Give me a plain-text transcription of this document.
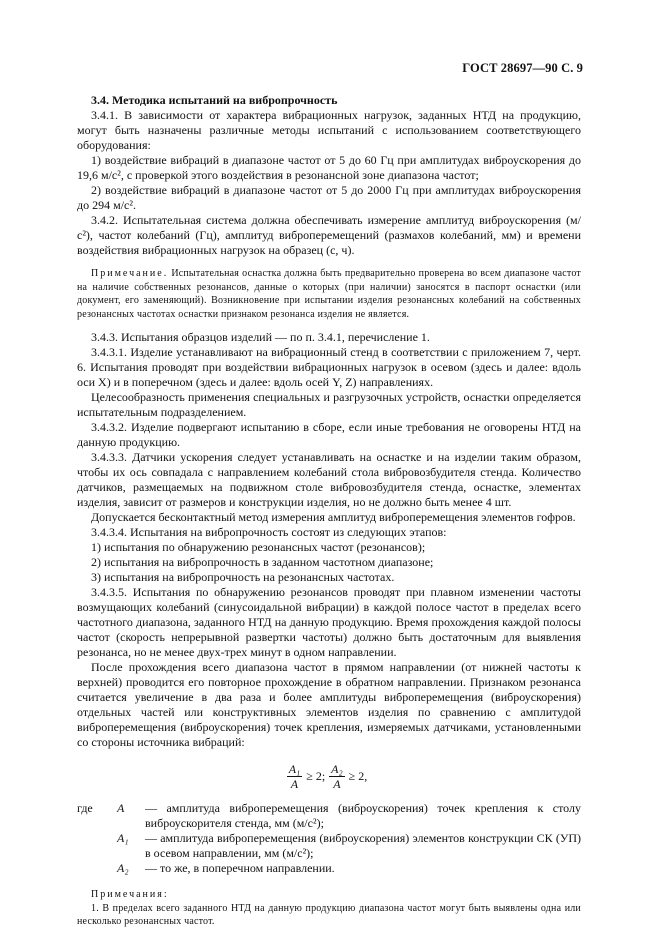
ГОСТ 28697—90 С. 9

3.4. Методика испытаний на вибропрочность

3.4.1. В зависимости от характера вибрационных нагрузок, заданных НТД на продукцию, могут быть назначены различные методы испытаний с использованием соответствующего оборудования:

1) воздействие вибраций в диапазоне частот от 5 до 60 Гц при амплитудах виброускорения до 19,6 м/с², с проверкой этого воздействия в резонансной зоне диапазона частот;

2) воздействие вибраций в диапазоне частот от 5 до 2000 Гц при амплитудах виброускорения до 294 м/с².

3.4.2. Испытательная система должна обеспечивать измерение амплитуд виброускорения (м/с²), частот колебаний (Гц), амплитуд виброперемещений (размахов колебаний, мм) и времени воздействия вибрационных нагрузок на образец (с, ч).

Примечание. Испытательная оснастка должна быть предварительно проверена во всем диапазоне частот на наличие собственных резонансов, данные о которых (при наличии) заносятся в паспорт оснастки (или документ, его заменяющий). Возникновение при испытании изделия резонансных колебаний на собственных резонансных частотах оснастки признаком резонанса изделия не является.

3.4.3. Испытания образцов изделий — по п. 3.4.1, перечисление 1.

3.4.3.1. Изделие устанавливают на вибрационный стенд в соответствии с приложением 7, черт. 6. Испытания проводят при воздействии вибрационных нагрузок в осевом (здесь и далее: вдоль оси X) и в поперечном (здесь и далее: вдоль осей Y, Z) направлениях.

Целесообразность применения специальных и разгрузочных устройств, оснастки определяется испытательным подразделением.

3.4.3.2. Изделие подвергают испытанию в сборе, если иные требования не оговорены НТД на данную продукцию.

3.4.3.3. Датчики ускорения следует устанавливать на оснастке и на изделии таким образом, чтобы их ось совпадала с направлением колебаний стола вибровозбудителя стенда. Количество датчиков, размещаемых на подвижном столе вибровозбудителя стенда, оснастке, элементах изделия, зависит от размеров и конструкции изделия, но не должно быть менее 4 шт.

Допускается бесконтактный метод измерения амплитуд виброперемещения элементов гофров.

3.4.3.4. Испытания на вибропрочность состоят из следующих этапов:

1) испытания по обнаружению резонансных частот (резонансов);

2) испытания на вибропрочность в заданном частотном диапазоне;

3) испытания на вибропрочность на резонансных частотах.

3.4.3.5. Испытания по обнаружению резонансов проводят при плавном изменении частоты возмущающих колебаний (синусоидальной вибрации) в каждой полосе частот в пределах всего частотного диапазона, заданного НТД на данную продукцию. Время прохождения каждой полосы частот (скорость непрерывной развертки частоты) должно быть достаточным для выявления резонанса, но не менее двух-трех минут в одном направлении.

После прохождения всего диапазона частот в прямом направлении (от нижней частоты к верхней) проводится его повторное прохождение в обратном направлении. Признаком резонанса считается увеличение в два раза и более амплитуды виброперемещения (виброускорения) отдельных частей или конструктивных элементов изделия по сравнению с амплитудой виброперемещения (виброускорения) точек крепления, измеряемых датчиками, установленными со стороны источника вибраций:

$\frac{\text{A₁}}{A} \ge 2$; $\frac{\text{A₂}}{A} \ge 2$,
где	A	— амплитуда виброперемещения (виброускорения) точек крепления к столу виброускорителя стенда, мм (м/с²);
A₁	— амплитуда виброперемещения (виброускорения) элементов конструкции СК (УП) в осевом направлении, мм (м/с²);
A₂	— то же, в поперечном направлении.

Примечания:

1. В пределах всего заданного НТД на данную продукцию диапазона частот могут быть выявлены одна или несколько резонансных частот.
